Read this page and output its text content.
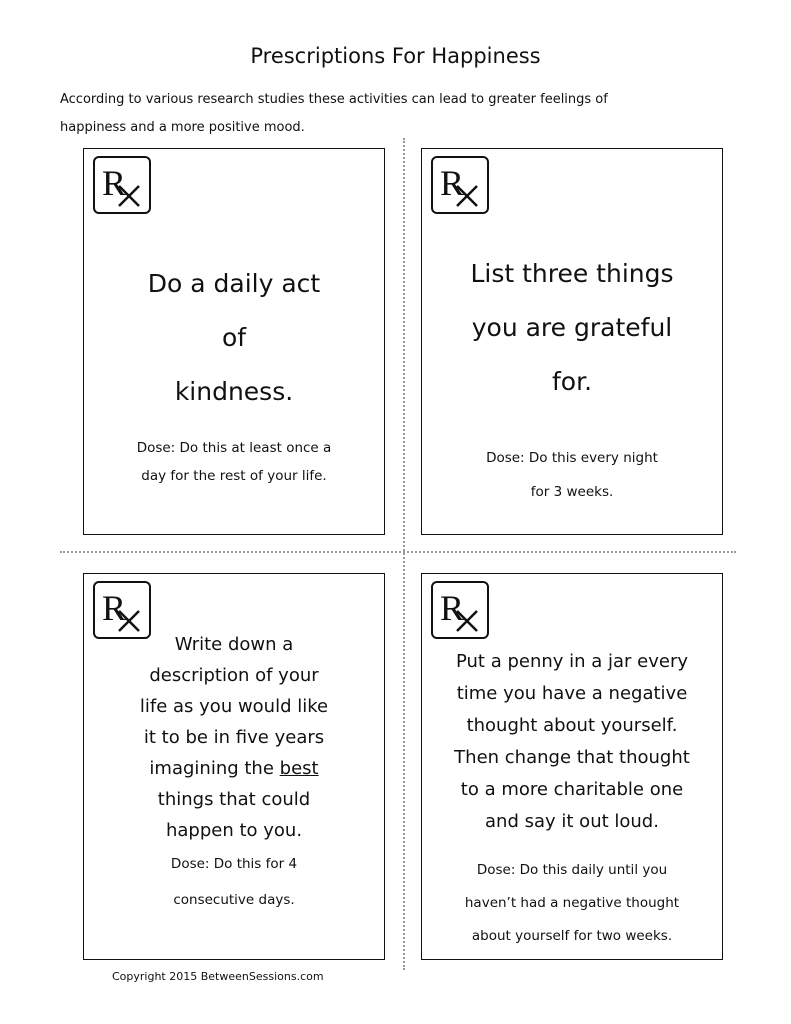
Prescriptions For Happiness
According to various research studies these activities can lead to greater feelings of
happiness and a more positive mood.
R
Do a daily act
of
kindness.
Dose: Do this at least once a
day for the rest of your life.
R
List three things
you are grateful
for.
Dose: Do this every night
for 3 weeks.
R
Write down a
description of your
life as you would like
it to be in five years
imagining the best
things that could
happen to you.
Dose: Do this for 4
consecutive days.
R
Put a penny in a jar every
time you have a negative
thought about yourself.
Then change that thought
to a more charitable one
and say it out loud.
Dose: Do this daily until you
haven’t had a negative thought
about yourself for two weeks.
Copyright 2015 BetweenSessions.com
